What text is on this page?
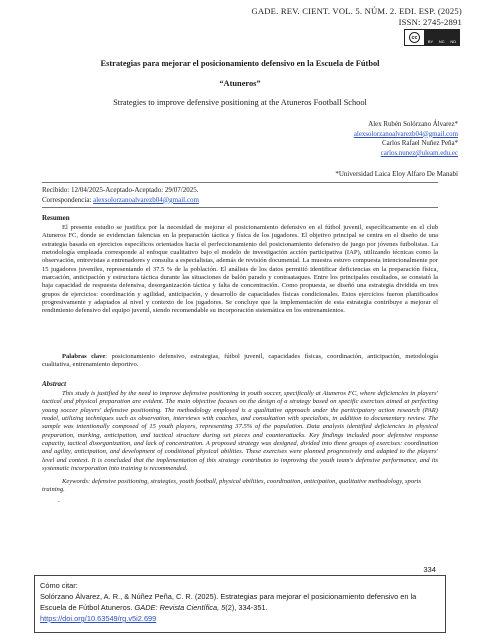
GADE. REV. CIENT. VOL. 5. NÚM. 2. EDI. ESP. (2025)
ISSN: 2745-2891
cc
BY NC ND
Estrategias para mejorar el posicionamiento defensivo en la Escuela de Fútbol
“Atuneros”
Strategies to improve defensive positioning at the Atuneros Football School
Alex Rubén Solórzano Álvarez*
alexsolorzanoalvarezb04@gmail.com
Carlos Rafael Nuñez Peña*
carlos.nunez@uleam.edu.ec
*Universidad Laica Eloy Alfaro De Manabí
Recibido: 12/04/2025-Aceptado-Aceptado: 29/07/2025.
Correspondencia: alexsolorzanoalvarezb04@gmail.com
Resumen

El presente estudio se justifica por la necesidad de mejorar el posicionamiento defensivo en el fútbol juvenil, específicamente en el club Atuneros FC, donde se evidencian falencias en la preparación táctica y física de los jugadores. El objetivo principal se centra en el diseño de una estrategia basada en ejercicios específicos orientados hacia el perfeccionamiento del posicionamiento defensivo de juego por jóvenes futbolistas. La metodología empleada corresponde al enfoque cualitativo bajo el modelo de investigación acción participativa (IAP), utilizando técnicas como la observación, entrevistas a entrenadores y consulta a especialistas, además de revisión documental. La muestra estuvo compuesta intencionalmente por 15 jugadores juveniles, representando el 37.5 % de la población. El análisis de los datos permitió identificar deficiencias en la preparación física, marcación, anticipación y estructura táctica durante las situaciones de balón parado y contraataques. Entre los principales resultados, se constató la baja capacidad de respuesta defensiva, desorganización táctica y falta de concentración. Como propuesta, se diseñó una estrategia dividida en tres grupos de ejercicios: coordinación y agilidad, anticipación, y desarrollo de capacidades físicas condicionales. Estos ejercicios fueron planificados progresivamente y adaptados al nivel y contexto de los jugadores. Se concluye que la implementación de esta estrategia contribuye a mejorar el rendimiento defensivo del equipo juvenil, siendo recomendable su incorporación sistemática en los entrenamientos.

Palabras clave: posicionamiento defensivo, estrategias, fútbol juvenil, capacidades físicas, coordinación, anticipación, metodología cualitativa, entrenamiento deportivo.

Abstract

This study is justified by the need to improve defensive positioning in youth soccer, specifically at Atuneros FC, where deficiencies in players' tactical and physical preparation are evident. The main objective focuses on the design of a strategy based on specific exercises aimed at perfecting young soccer players' defensive positioning. The methodology employed is a qualitative approach under the participatory action research (PAR) model, utilizing techniques such as observation, interviews with coaches, and consultation with specialists, in addition to documentary review. The sample was intentionally composed of 15 youth players, representing 37.5% of the population. Data analysis identified deficiencies in physical preparation, marking, anticipation, and tactical structure during set pieces and counterattacks. Key findings included poor defensive response capacity, tactical disorganization, and lack of concentration. A proposed strategy was designed, divided into three groups of exercises: coordination and agility, anticipation, and development of conditional physical abilities. These exercises were planned progressively and adapted to the players' level and context. It is concluded that the implementation of this strategy contributes to improving the youth team's defensive performance, and its systematic incorporation into training is recommended.

Keywords: defensive positioning, strategies, youth football, physical abilities, coordination, anticipation, qualitative methodology, sports training.

.
334
Cómo citar:
Solórzano Álvarez, A. R., & Núñez Peña, C. R. (2025). Estrategias para mejorar el posicionamiento defensivo en la Escuela de Fútbol Atuneros. GADE: Revista Científica, 5(2), 334-351.
https://doi.org/10.63549/rg.v5i2.699
